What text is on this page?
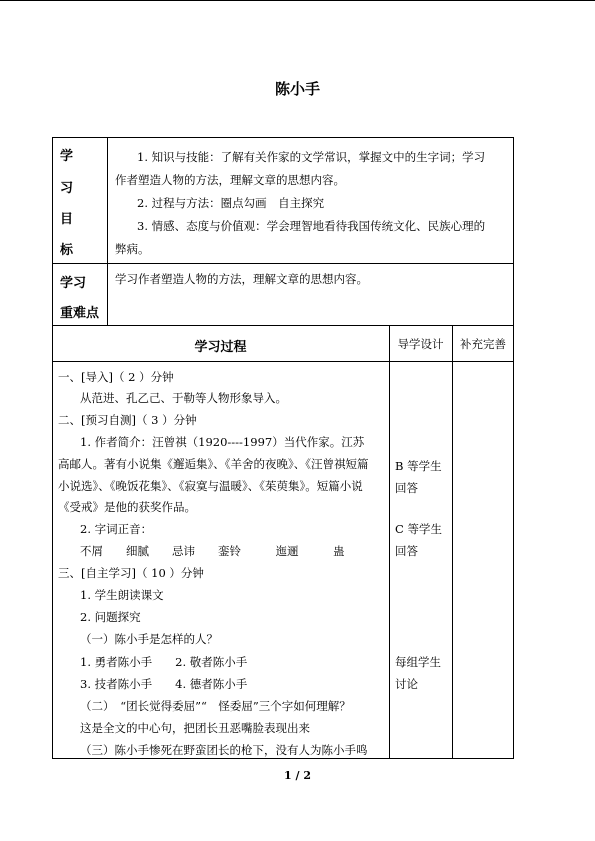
陈小手
学
习
目
标
1. 知识与技能：了解有关作家的文学常识，掌握文中的生字词；学习
作者塑造人物的方法，理解文章的思想内容。
2. 过程与方法：圈点勾画　自主探究
3. 情感、态度与价值观：学会理智地看待我国传统文化、民族心理的
弊病。
学习
重难点
学习作者塑造人物的方法，理解文章的思想内容。
学习过程	导学设计	补充完善
一、[导入]（ 2 ）分钟
从范进、孔乙己、于勒等人物形象导入。
二、[预习自测]（ 3 ）分钟
1. 作者简介：汪曾祺（1920----1997）当代作家。江苏
高邮人。著有小说集《邂逅集》、《羊舍的夜晚》、《汪曾祺短篇
小说选》、《晚饭花集》、《寂寞与温暖》、《茱萸集》。短篇小说
《受戒》是他的获奖作品。
2. 字词正音：
不屑　　细腻　　忌讳　　銮铃　　　迤逦　　　蛊
三、[自主学习]（ 10 ）分钟
1. 学生朗读课文
2. 问题探究
（一）陈小手是怎样的人？
1. 勇者陈小手　　2. 敬者陈小手
3. 技者陈小手　　4. 德者陈小手
（二）　“团长觉得委屈”“　怪委屈”三个字如何理解？
这是全文的中心句，把团长丑恶嘴脸表现出来
（三）陈小手惨死在野蛮团长的枪下，没有人为陈小手鸣
B 等学生
回答
C 等学生
回答
每组学生
讨论
1 / 2
